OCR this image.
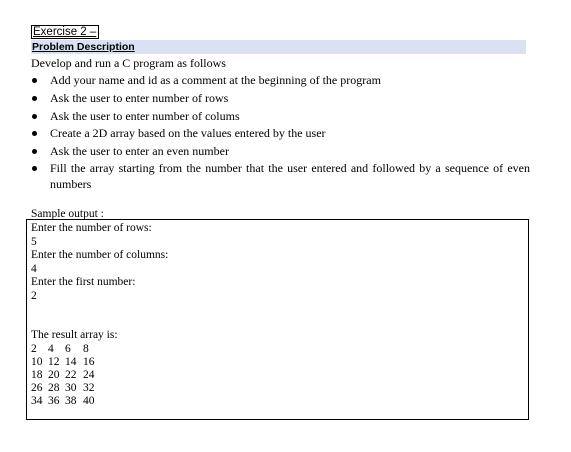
Exercise 2 –
Problem Description
Develop and run a C program as follows
Add your name and id as a comment at the beginning of the program
Ask the user to enter number of rows
Ask the user to enter number of colums
Create a 2D array based on the values entered by the user
Ask the user to enter an even number
Fill the array starting from the number that the user entered and followed by a sequence of even numbers
Sample output :
Enter the number of rows:
5
Enter the number of columns:
4
Enter the first number:
2
The result array is:
2 4 6	8
10 12 14 16
18 20 22 24
26 28 30 32
34 36 38 40
